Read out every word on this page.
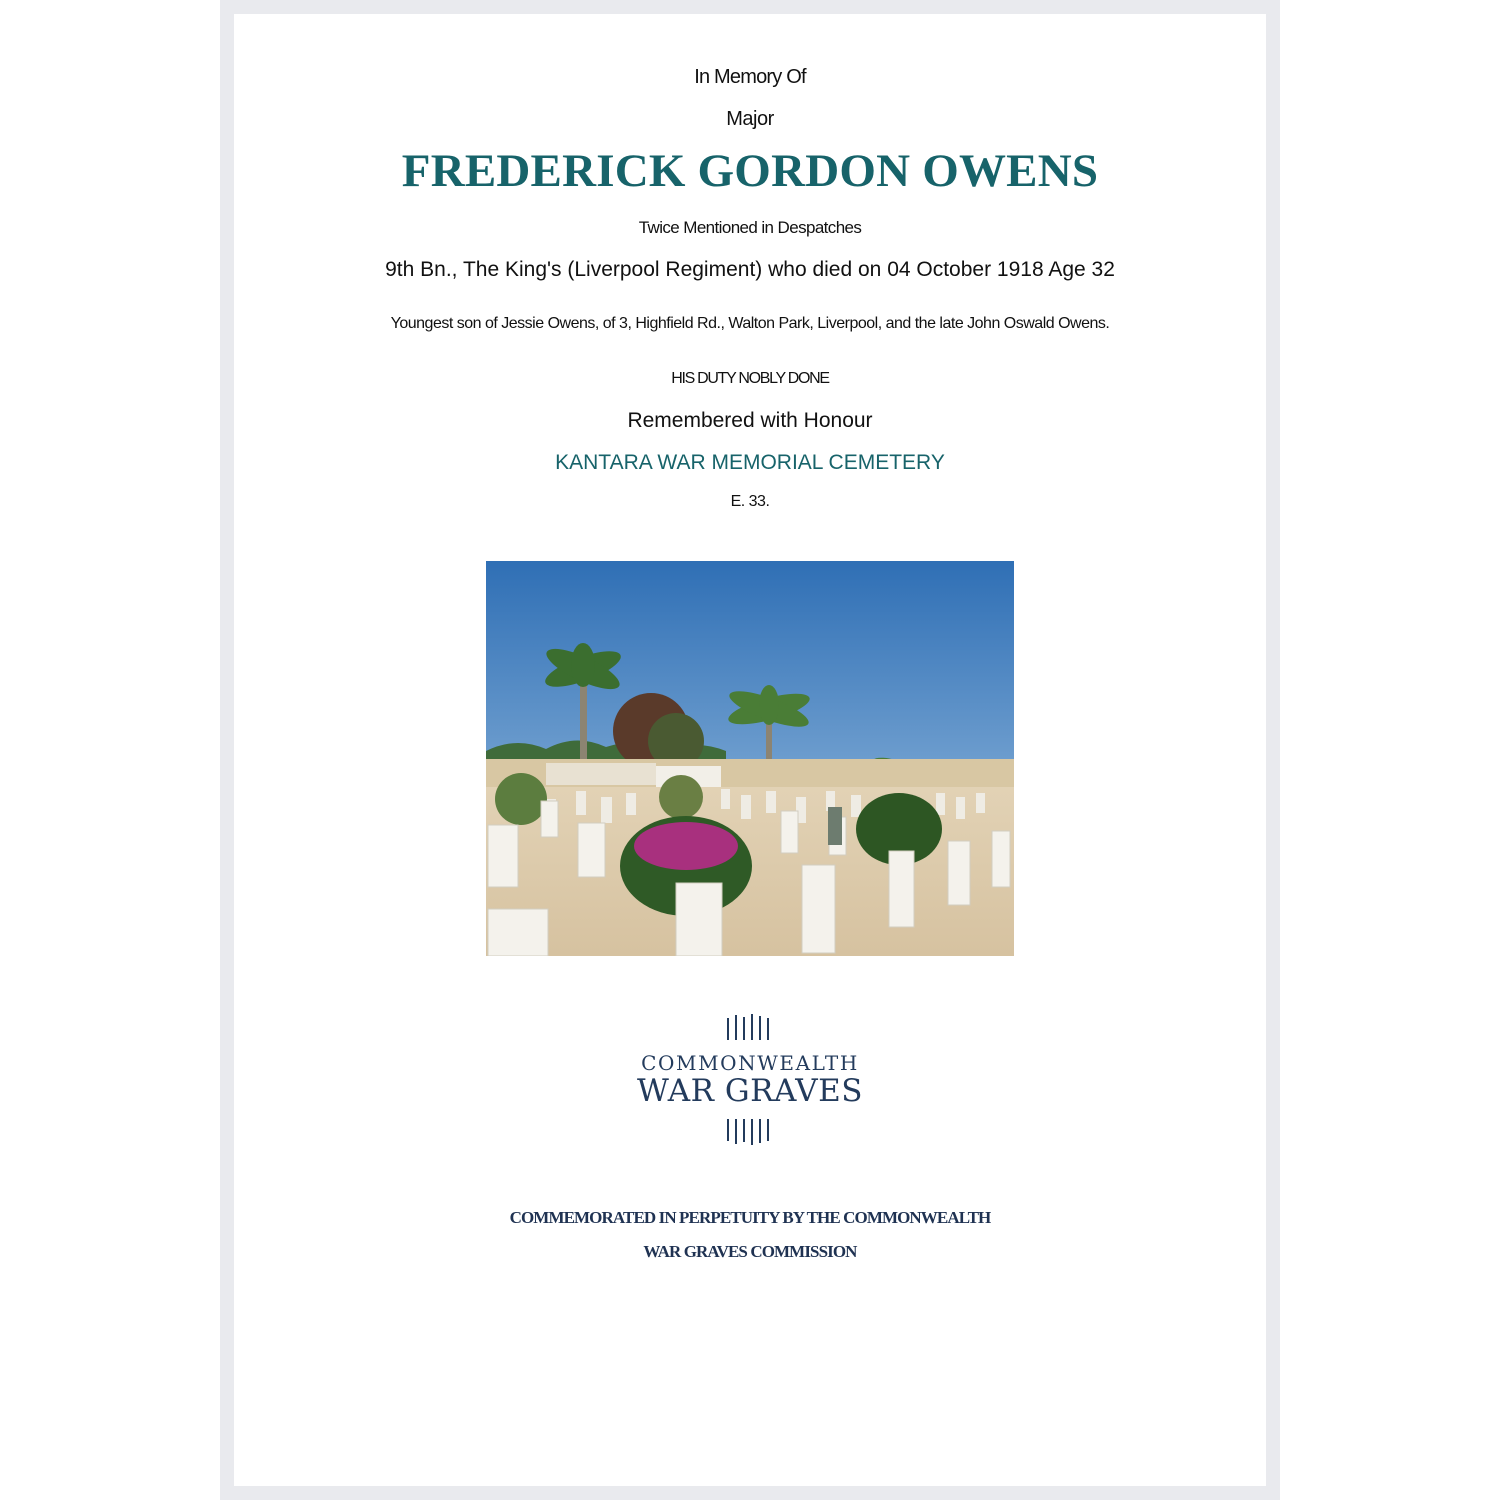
In Memory Of
Major
FREDERICK GORDON OWENS
Twice Mentioned in Despatches
9th Bn., The King's (Liverpool Regiment) who died on 04 October 1918 Age 32
Youngest son of Jessie Owens, of 3, Highfield Rd., Walton Park, Liverpool, and the late John Oswald Owens.
HIS DUTY NOBLY DONE
Remembered with Honour
KANTARA WAR MEMORIAL CEMETERY
E. 33.
COMMONWEALTH
WAR GRAVES
COMMEMORATED IN PERPETUITY BY THE COMMONWEALTH
WAR GRAVES COMMISSION
